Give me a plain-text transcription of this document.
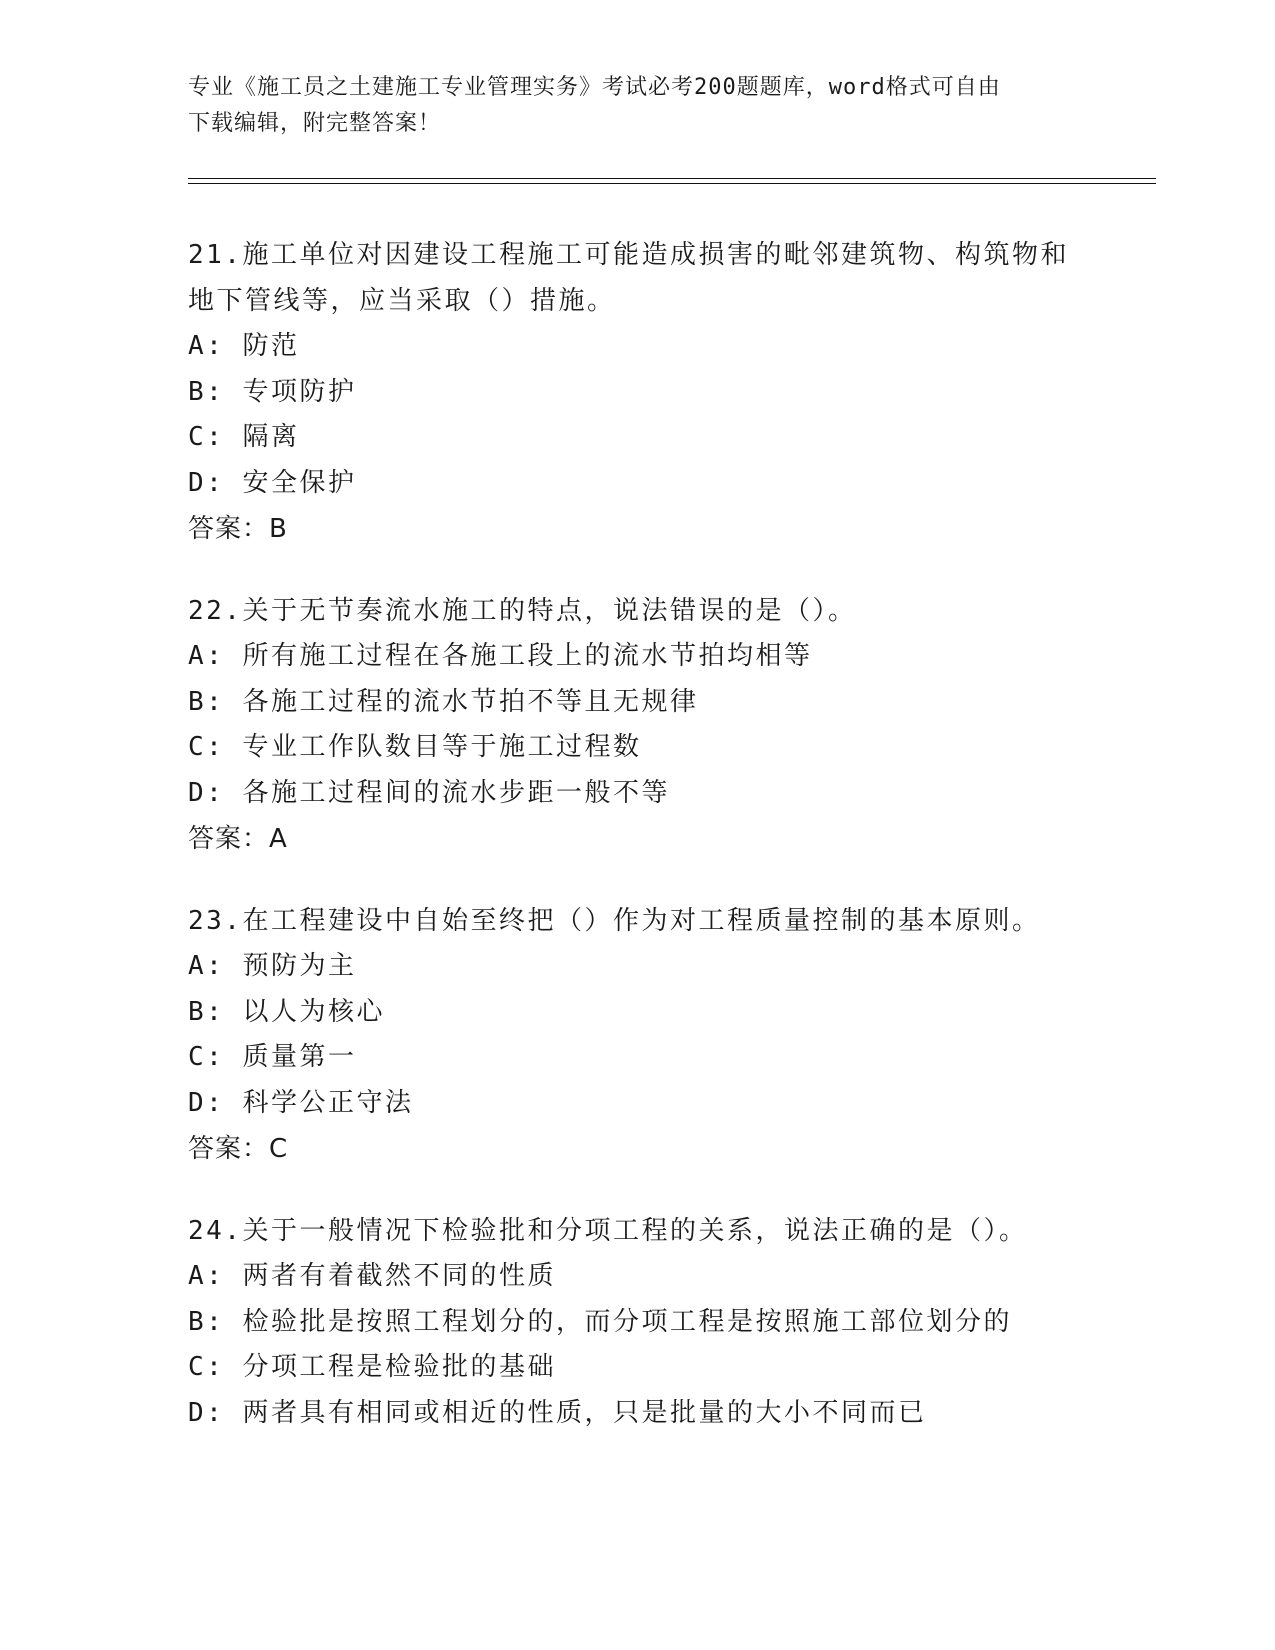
专业《施工员之土建施工专业管理实务》考试必考200题题库，word格式可自由
下载编辑，附完整答案！

21.施工单位对因建设工程施工可能造成损害的毗邻建筑物、构筑物和

地下管线等，应当采取（）措施。

A: 防范

B: 专项防护

C: 隔离

D: 安全保护

答案：B

22.关于无节奏流水施工的特点，说法错误的是（）。

A: 所有施工过程在各施工段上的流水节拍均相等

B: 各施工过程的流水节拍不等且无规律

C: 专业工作队数目等于施工过程数

D: 各施工过程间的流水步距一般不等

答案：A

23.在工程建设中自始至终把（）作为对工程质量控制的基本原则。

A: 预防为主

B: 以人为核心

C: 质量第一

D: 科学公正守法

答案：C

24.关于一般情况下检验批和分项工程的关系，说法正确的是（）。

A: 两者有着截然不同的性质

B: 检验批是按照工程划分的，而分项工程是按照施工部位划分的

C: 分项工程是检验批的基础

D: 两者具有相同或相近的性质，只是批量的大小不同而已
